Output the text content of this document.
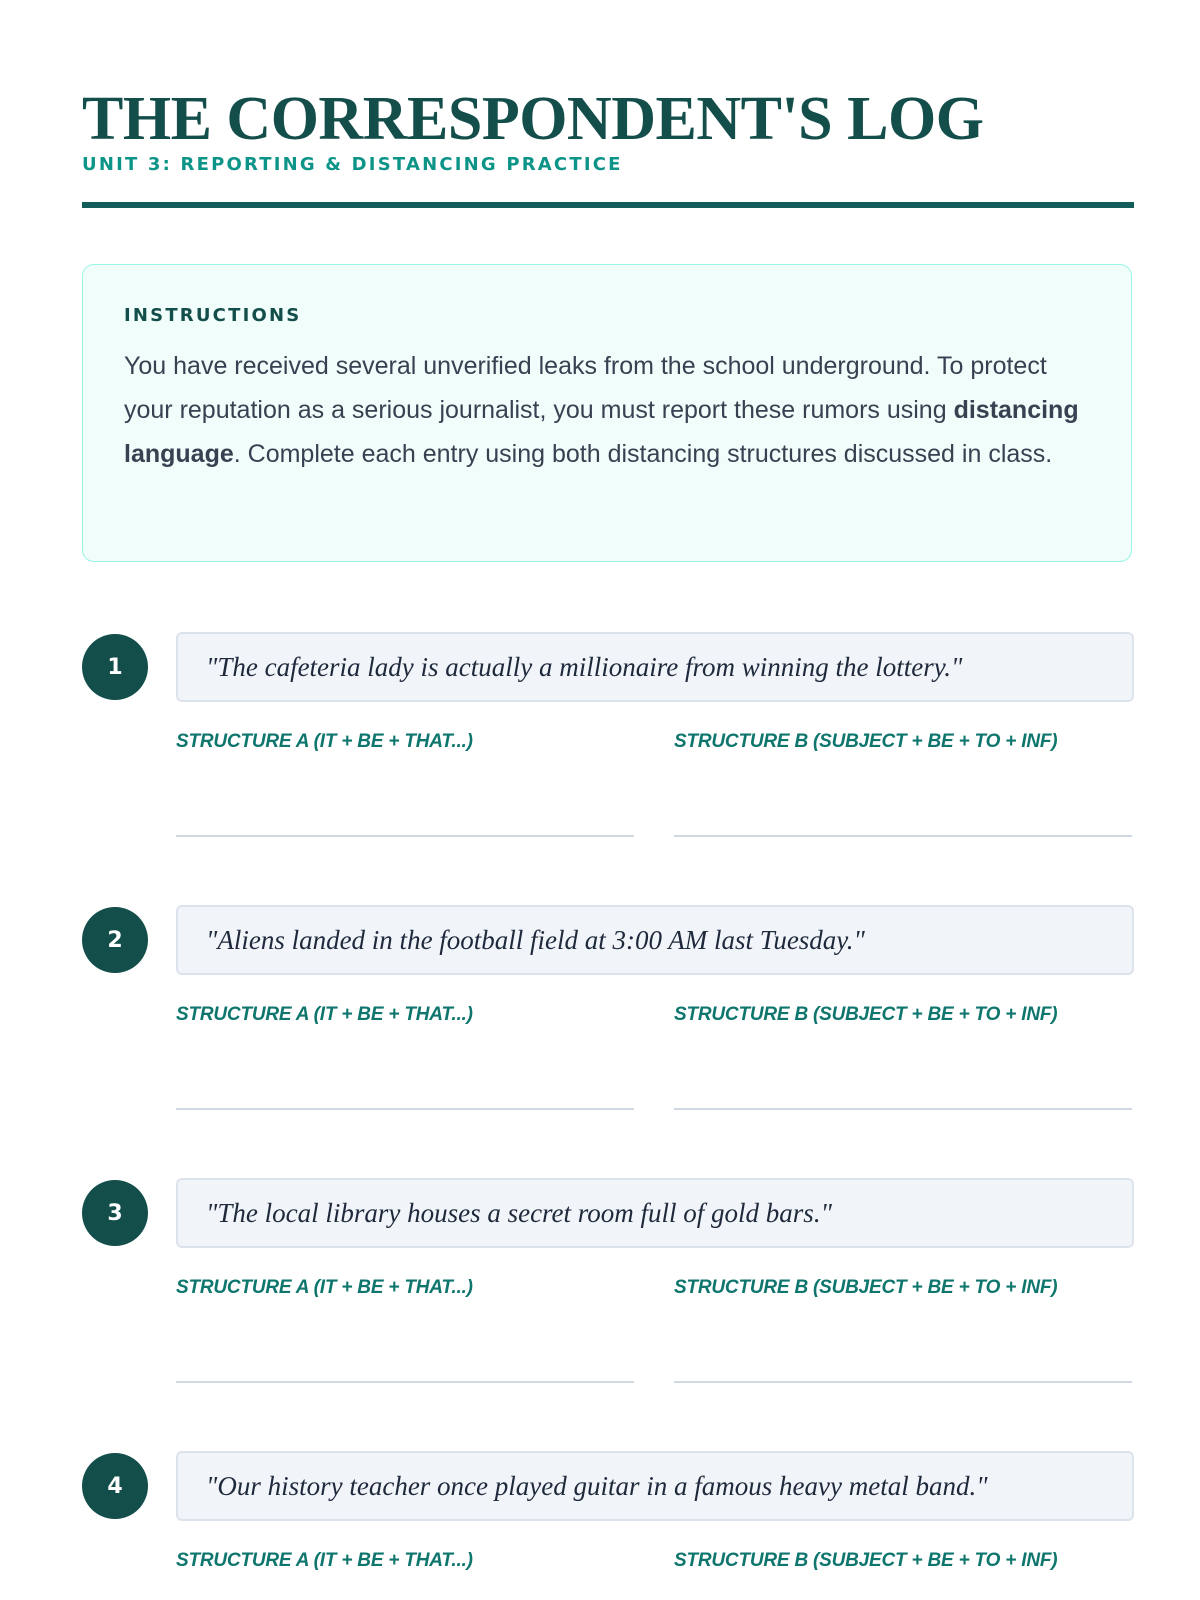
THE CORRESPONDENT'S LOG
UNIT 3: REPORTING & DISTANCING PRACTICE
INSTRUCTIONS
You have received several unverified leaks from the school underground. To protect your reputation as a serious journalist, you must report these rumors using distancing language. Complete each entry using both distancing structures discussed in class.
1	"The cafeteria lady is actually a millionaire from winning the lottery."
STRUCTURE A (IT + BE + THAT...)	STRUCTURE B (SUBJECT + BE + TO + INF)
2	"Aliens landed in the football field at 3:00 AM last Tuesday."
STRUCTURE A (IT + BE + THAT...)	STRUCTURE B (SUBJECT + BE + TO + INF)
3	"The local library houses a secret room full of gold bars."
STRUCTURE A (IT + BE + THAT...)	STRUCTURE B (SUBJECT + BE + TO + INF)
4	"Our history teacher once played guitar in a famous heavy metal band."
STRUCTURE A (IT + BE + THAT...)	STRUCTURE B (SUBJECT + BE + TO + INF)
